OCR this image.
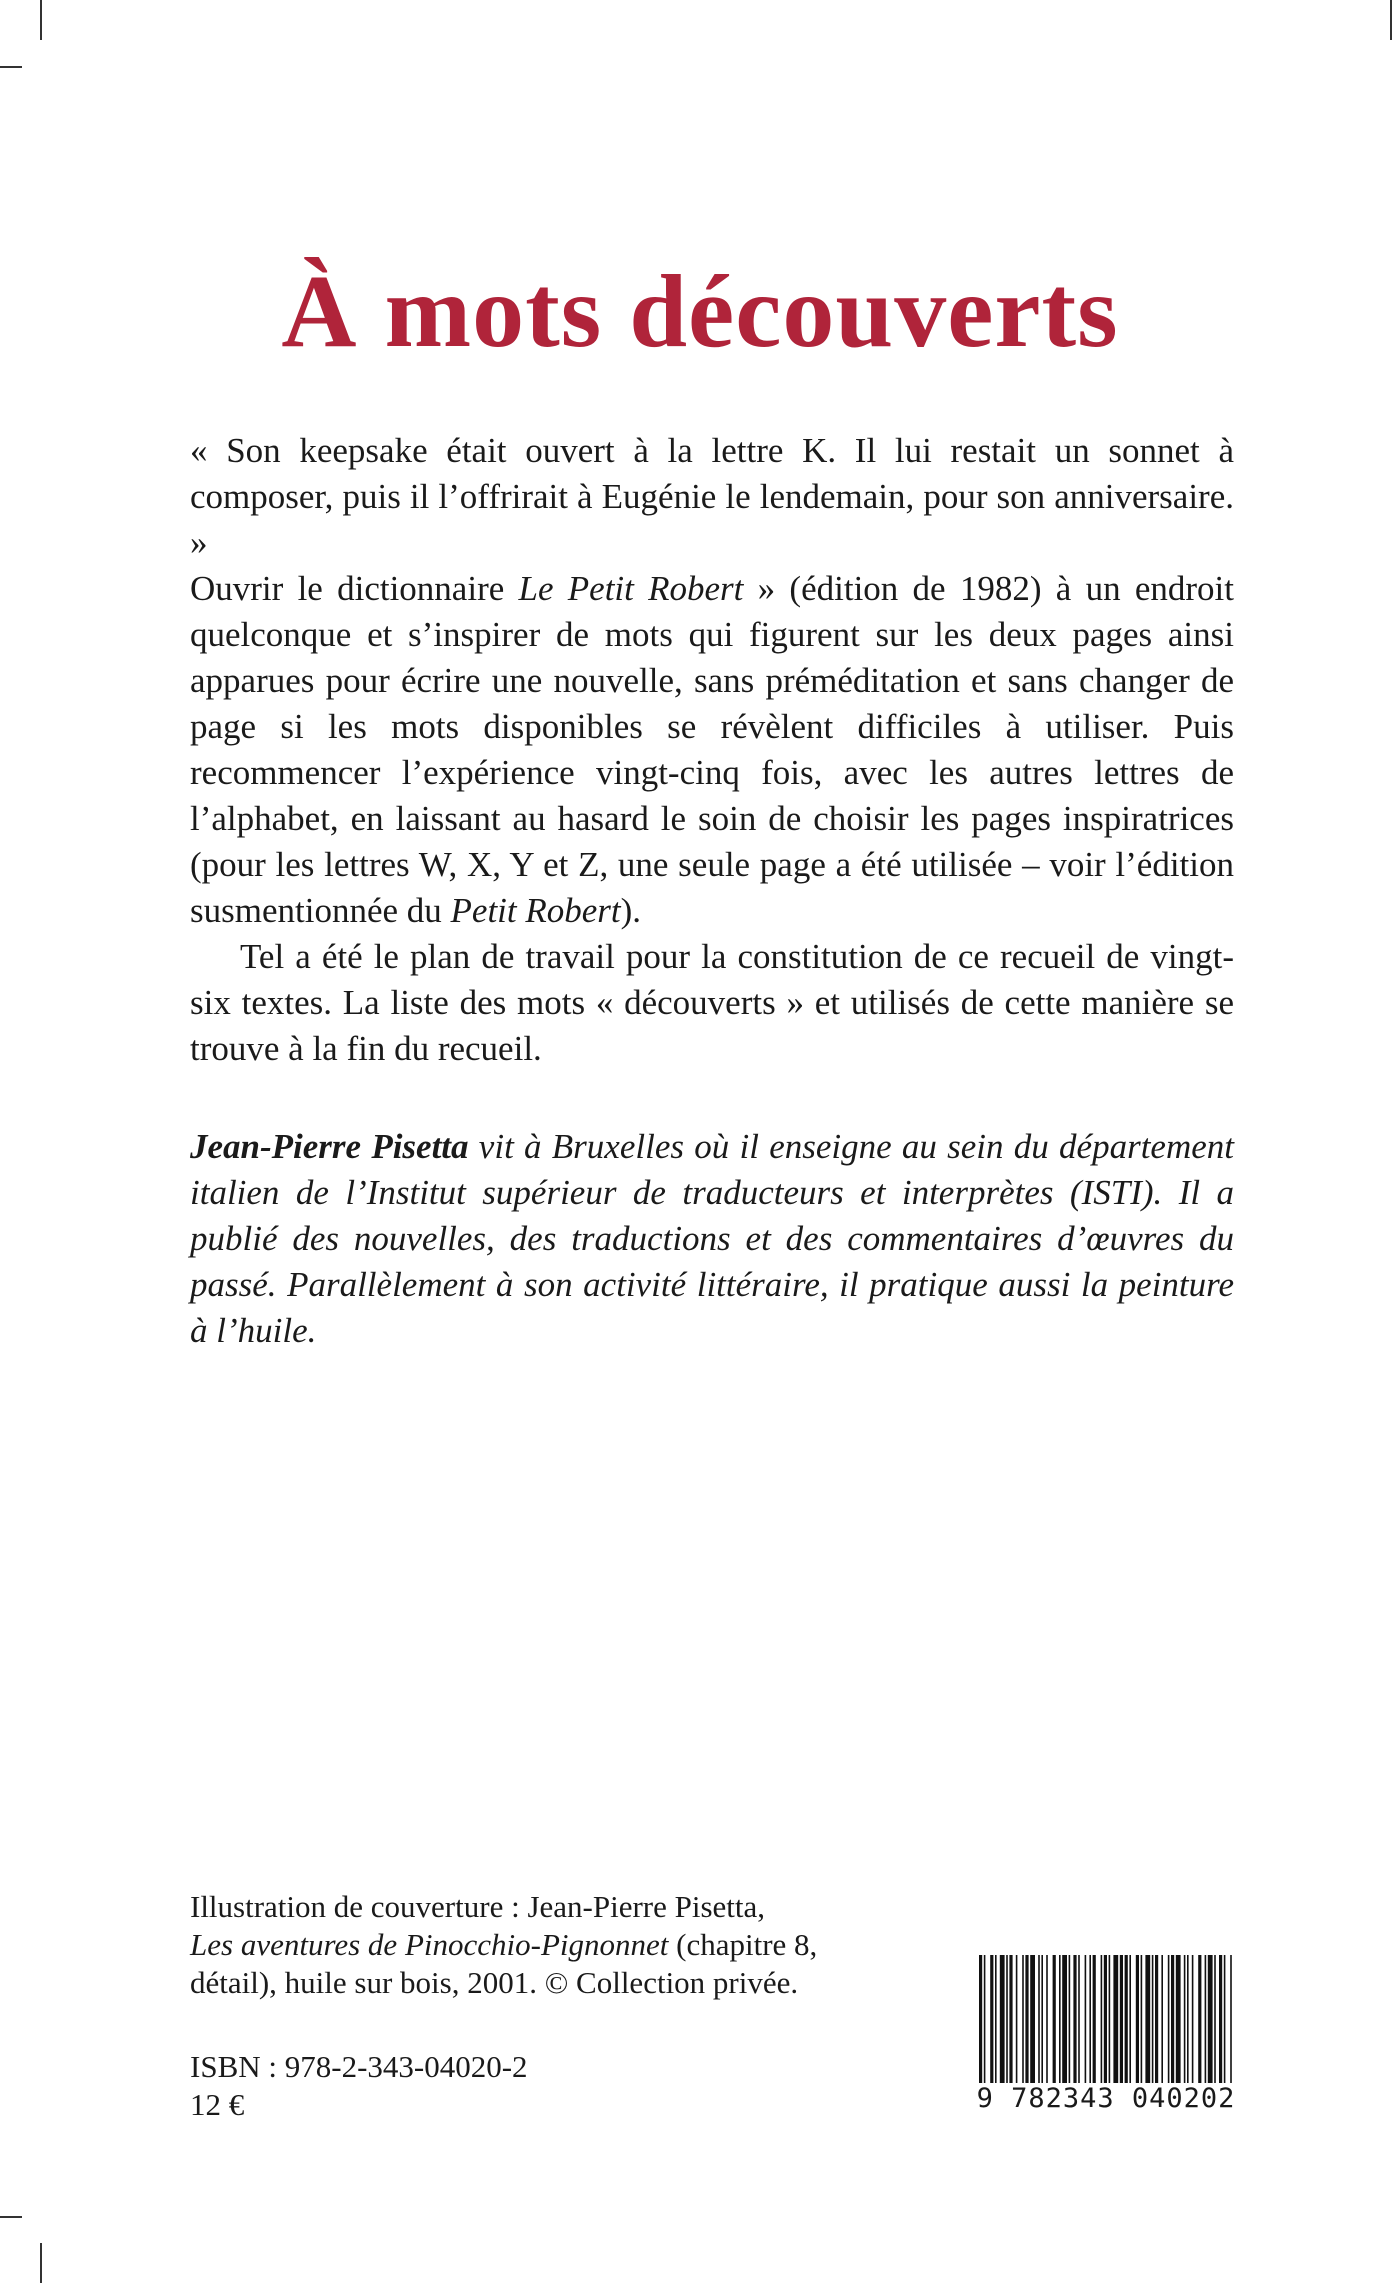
À mots découverts

« Son keepsake était ouvert à la lettre K. Il lui restait un sonnet à composer, puis il l’offrirait à Eugénie le lendemain, pour son anniversaire. »

Ouvrir le dictionnaire Le Petit Robert » (édition de 1982) à un endroit quelconque et s’inspirer de mots qui figurent sur les deux pages ainsi apparues pour écrire une nouvelle, sans préméditation et sans changer de page si les mots disponibles se révèlent difficiles à utiliser. Puis recommencer l’expérience vingt-cinq fois, avec les autres lettres de l’alphabet, en laissant au hasard le soin de choisir les pages inspiratrices (pour les lettres W, X, Y et Z, une seule page a été utilisée – voir l’édition susmentionnée du Petit Robert).

Tel a été le plan de travail pour la constitution de ce recueil de vingt-six textes. La liste des mots « découverts » et utilisés de cette manière se trouve à la fin du recueil.

Jean-Pierre Pisetta vit à Bruxelles où il enseigne au sein du département italien de l’Institut supérieur de traducteurs et interprètes (ISTI). Il a publié des nouvelles, des traductions et des commentaires d’œuvres du passé. Parallèlement à son activité littéraire, il pratique aussi la peinture à l’huile.

Illustration de couverture : Jean-Pierre Pisetta,
Les aventures de Pinocchio-Pignonnet (chapitre 8,
détail), huile sur bois, 2001. © Collection privée.
ISBN : 978-2-343-04020-2
12 €	9 782343 040202
